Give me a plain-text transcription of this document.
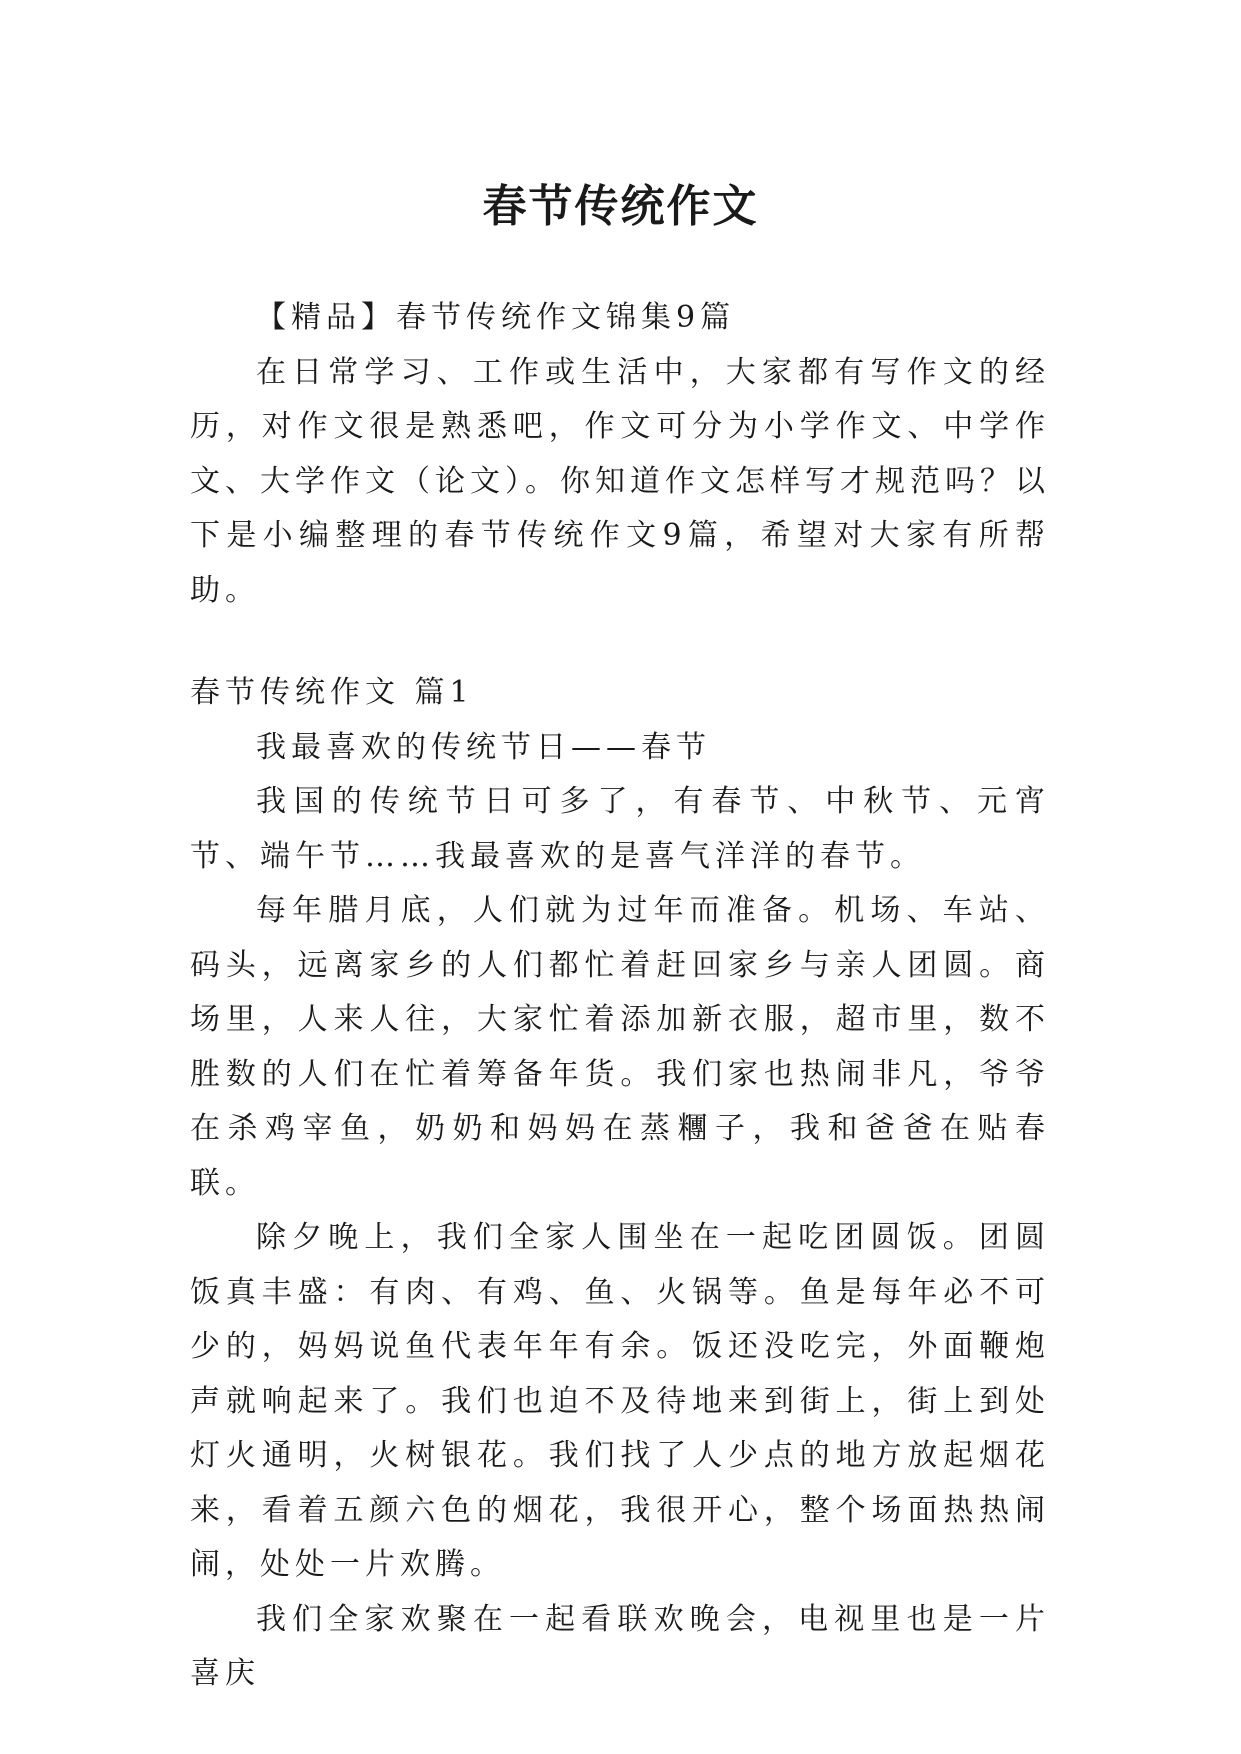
春节传统作文

【精品】春节传统作文锦集9篇

在日常学习、工作或生活中，大家都有写作文的经历，对作文很是熟悉吧，作文可分为小学作文、中学作文、大学作文（论文）。你知道作文怎样写才规范吗？以下是小编整理的春节传统作文9篇，希望对大家有所帮助。

春节传统作文 篇1

我最喜欢的传统节日——春节

我国的传统节日可多了，有春节、中秋节、元宵节、端午节……我最喜欢的是喜气洋洋的春节。

每年腊月底，人们就为过年而准备。机场、车站、码头，远离家乡的人们都忙着赶回家乡与亲人团圆。商场里，人来人往，大家忙着添加新衣服，超市里，数不胜数的人们在忙着筹备年货。我们家也热闹非凡，爷爷在杀鸡宰鱼，奶奶和妈妈在蒸糰子，我和爸爸在贴春联。

除夕晚上，我们全家人围坐在一起吃团圆饭。团圆饭真丰盛：有肉、有鸡、鱼、火锅等。鱼是每年必不可少的，妈妈说鱼代表年年有余。饭还没吃完，外面鞭炮声就响起来了。我们也迫不及待地来到街上，街上到处灯火通明，火树银花。我们找了人少点的地方放起烟花来，看着五颜六色的烟花，我很开心，整个场面热热闹闹，处处一片欢腾。

我们全家欢聚在一起看联欢晚会，电视里也是一片喜庆
